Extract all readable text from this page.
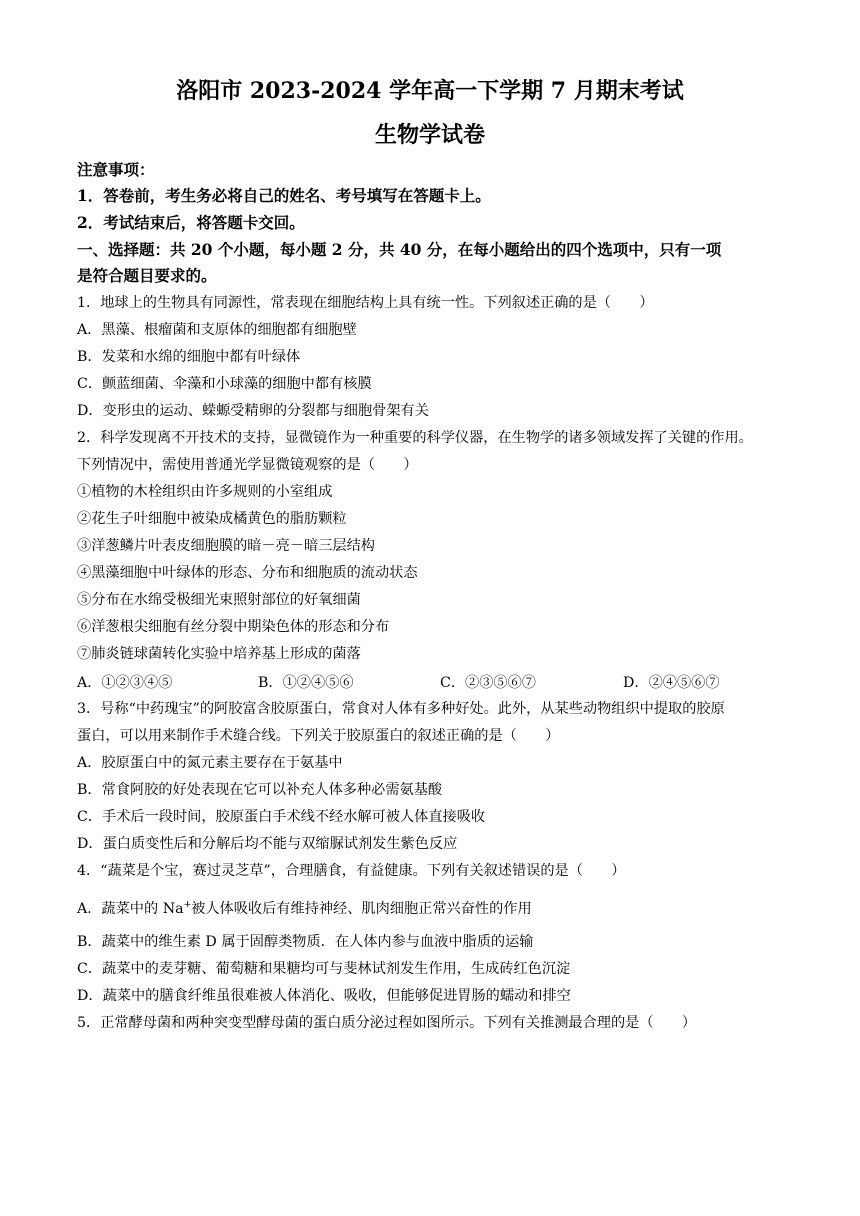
洛阳市 2023-2024 学年高一下学期 7 月期末考试
生物学试卷
注意事项：
1．答卷前，考生务必将自己的姓名、考号填写在答题卡上。
2．考试结束后，将答题卡交回。
一、选择题：共 20 个小题，每小题 2 分，共 40 分，在每小题给出的四个选项中，只有一项
是符合题目要求的。
1．地球上的生物具有同源性，常表现在细胞结构上具有统一性。下列叙述正确的是（　　）
A．黑藻、根瘤菌和支原体的细胞都有细胞壁
B．发菜和水绵的细胞中都有叶绿体
C．颤蓝细菌、伞藻和小球藻的细胞中都有核膜
D．变形虫的运动、蝾螈受精卵的分裂都与细胞骨架有关
2．科学发现离不开技术的支持，显微镜作为一种重要的科学仪器，在生物学的诸多领域发挥了关键的作用。
下列情况中，需使用普通光学显微镜观察的是（　　）
①植物的木栓组织由许多规则的小室组成
②花生子叶细胞中被染成橘黄色的脂肪颗粒
③洋葱鳞片叶表皮细胞膜的暗－亮－暗三层结构
④黑藻细胞中叶绿体的形态、分布和细胞质的流动状态
⑤分布在水绵受极细光束照射部位的好氧细菌
⑥洋葱根尖细胞有丝分裂中期染色体的形态和分布
⑦肺炎链球菌转化实验中培养基上形成的菌落
A．①②③④⑤	B．①②④⑤⑥	C．②③⑤⑥⑦	D．②④⑤⑥⑦
3．号称“中药瑰宝”的阿胶富含胶原蛋白，常食对人体有多种好处。此外，从某些动物组织中提取的胶原
蛋白，可以用来制作手术缝合线。下列关于胶原蛋白的叙述正确的是（　　）
A．胶原蛋白中的氮元素主要存在于氨基中
B．常食阿胶的好处表现在它可以补充人体多种必需氨基酸
C．手术后一段时间，胶原蛋白手术线不经水解可被人体直接吸收
D．蛋白质变性后和分解后均不能与双缩脲试剂发生紫色反应
4．“蔬菜是个宝，赛过灵芝草”，合理膳食，有益健康。下列有关叙述错误的是（　　）
A．蔬菜中的 Na+被人体吸收后有维持神经、肌肉细胞正常兴奋性的作用
B．蔬菜中的维生素 D 属于固醇类物质．在人体内参与血液中脂质的运输
C．蔬菜中的麦芽糖、葡萄糖和果糖均可与斐林试剂发生作用，生成砖红色沉淀
D．蔬菜中的膳食纤维虽很难被人体消化、吸收，但能够促进胃肠的蠕动和排空
5．正常酵母菌和两种突变型酵母菌的蛋白质分泌过程如图所示。下列有关推测最合理的是（　　）
